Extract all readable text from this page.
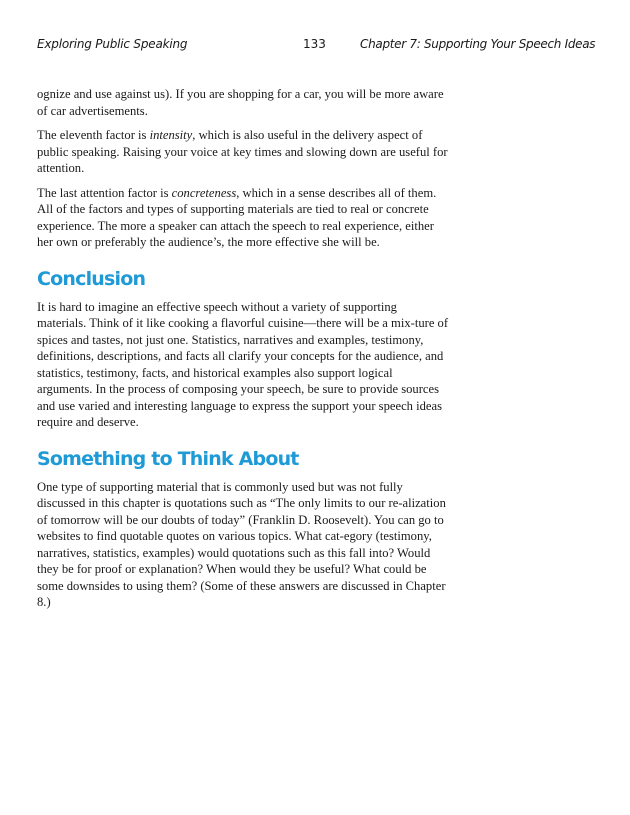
Exploring Public Speaking	133	Chapter 7: Supporting Your Speech Ideas

ognize and use against us). If you are shopping for a car, you will be more aware of car advertisements.

The eleventh factor is intensity, which is also useful in the delivery aspect of public speaking. Raising your voice at key times and slowing down are useful for attention.

The last attention factor is concreteness, which in a sense describes all of them. All of the factors and types of supporting materials are tied to real or concrete experience. The more a speaker can attach the speech to real experience, either her own or preferably the audience’s, the more effective she will be.

Conclusion

It is hard to imagine an effective speech without a variety of supporting materials. Think of it like cooking a flavorful cuisine—there will be a mix-ture of spices and tastes, not just one. Statistics, narratives and examples, testimony, definitions, descriptions, and facts all clarify your concepts for the audience, and statistics, testimony, facts, and historical examples also support logical arguments. In the process of composing your speech, be sure to provide sources and use varied and interesting language to express the support your speech ideas require and deserve.

Something to Think About

One type of supporting material that is commonly used but was not fully discussed in this chapter is quotations such as “The only limits to our re-alization of tomorrow will be our doubts of today” (Franklin D. Roosevelt). You can go to websites to find quotable quotes on various topics. What cat-egory (testimony, narratives, statistics, examples) would quotations such as this fall into? Would they be for proof or explanation? When would they be useful? What could be some downsides to using them? (Some of these answers are discussed in Chapter 8.)
